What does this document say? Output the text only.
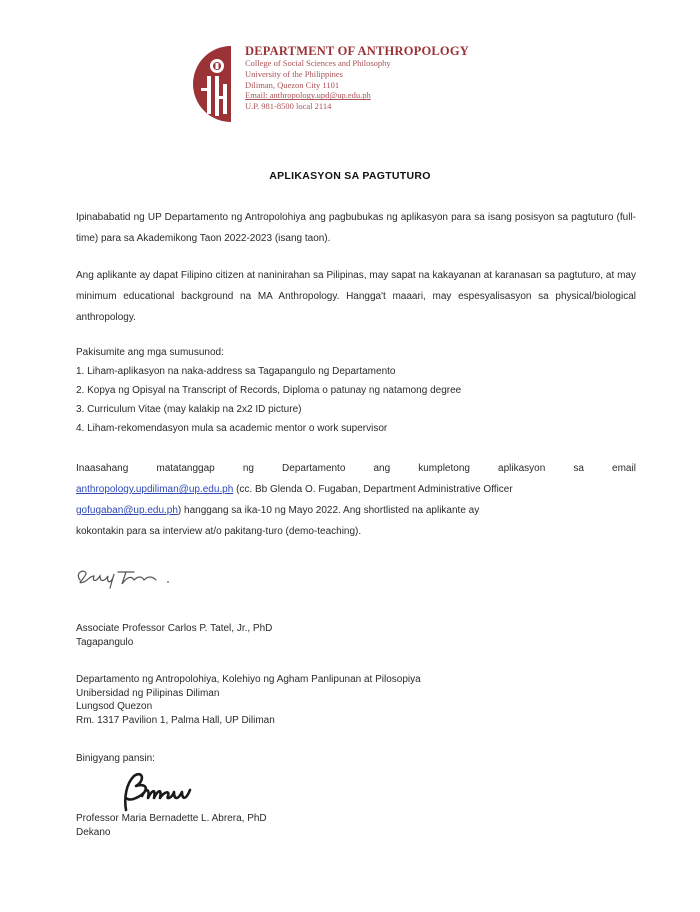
DEPARTMENT OF ANTHROPOLOGY
College of Social Sciences and Philosophy
University of the Philippines
Diliman, Quezon City 1101
Email: anthropology.upd@up.edu.ph
U.P. 981-8500 local 2114
APLIKASYON SA PAGTUTURO
Ipinababatid ng UP Departamento ng Antropolohiya ang pagbubukas ng aplikasyon para sa isang posisyon sa pagtuturo (full-time) para sa Akademikong Taon 2022-2023 (isang taon).
Ang aplikante ay dapat Filipino citizen at naninirahan sa Pilipinas, may sapat na kakayanan at karanasan sa pagtuturo, at may minimum educational background na MA Anthropology. Hangga't maaari, may espesyalisasyon sa physical/biological anthropology.
Pakisumite ang mga sumusunod:
1. Liham-aplikasyon na naka-address sa Tagapangulo ng Departamento
2. Kopya ng Opisyal na Transcript of Records, Diploma o patunay ng natamong degree
3. Curriculum Vitae (may kalakip na 2x2 ID picture)
4. Liham-rekomendasyon mula sa academic mentor o work supervisor
Inaasahang	matatanggap	ng	Departamento	ang	kumpletong	aplikasyon	sa	email
anthropology.updiliman@up.edu.ph (cc. Bb Glenda O. Fugaban, Department Administrative Officer
gofugaban@up.edu.ph) hanggang sa ika-10 ng Mayo 2022. Ang shortlisted na aplikante ay
kokontakin para sa interview at/o pakitang-turo (demo-teaching).
Associate Professor Carlos P. Tatel, Jr., PhD
Tagapangulo
Departamento ng Antropolohiya, Kolehiyo ng Agham Panlipunan at Pilosopiya
Unibersidad ng Pilipinas Diliman
Lungsod Quezon
Rm. 1317 Pavilion 1, Palma Hall, UP Diliman
Binigyang pansin:
Professor Maria Bernadette L. Abrera, PhD
Dekano
